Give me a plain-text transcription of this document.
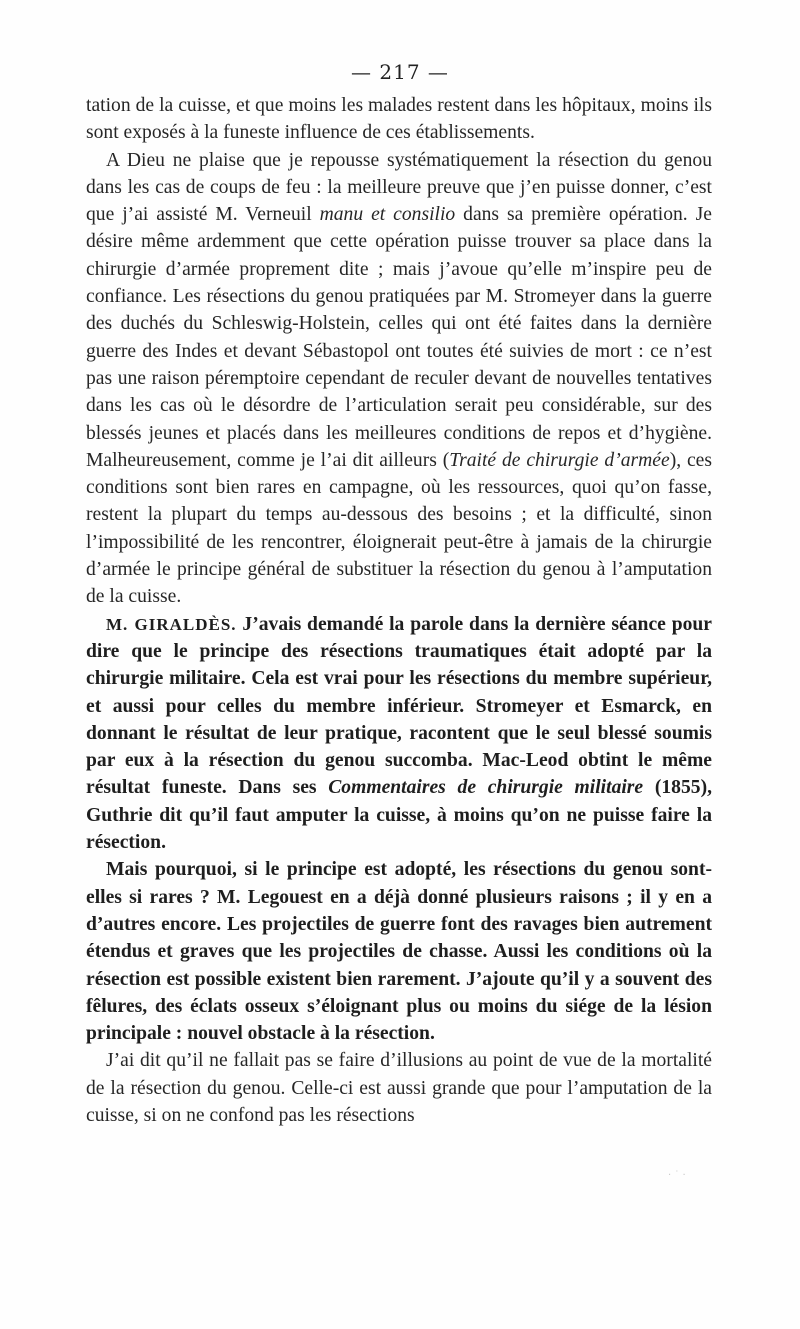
— 217 —

tation de la cuisse, et que moins les malades restent dans les hôpitaux, moins ils sont exposés à la funeste influence de ces établissements.

A Dieu ne plaise que je repousse systématiquement la résection du genou dans les cas de coups de feu : la meilleure preuve que j’en puisse donner, c’est que j’ai assisté M. Verneuil manu et consilio dans sa première opération. Je désire même ardemment que cette opération puisse trouver sa place dans la chirurgie d’armée proprement dite ; mais j’avoue qu’elle m’inspire peu de confiance. Les résections du genou pratiquées par M. Stromeyer dans la guerre des duchés du Schleswig-Holstein, celles qui ont été faites dans la dernière guerre des Indes et devant Sébastopol ont toutes été suivies de mort : ce n’est pas une raison péremptoire cependant de reculer devant de nouvelles tentatives dans les cas où le désordre de l’articulation serait peu considérable, sur des blessés jeunes et placés dans les meilleures conditions de repos et d’hygiène. Malheureusement, comme je l’ai dit ailleurs (Traité de chirurgie d’armée), ces conditions sont bien rares en campagne, où les ressources, quoi qu’on fasse, restent la plupart du temps au-dessous des besoins ; et la difficulté, sinon l’impossibilité de les rencontrer, éloignerait peut-être à jamais de la chirurgie d’armée le principe général de substituer la résection du genou à l’amputation de la cuisse.

M. GIRALDÈS. J’avais demandé la parole dans la dernière séance pour dire que le principe des résections traumatiques était adopté par la chirurgie militaire. Cela est vrai pour les résections du membre supérieur, et aussi pour celles du membre inférieur. Stromeyer et Esmarck, en donnant le résultat de leur pratique, racontent que le seul blessé soumis par eux à la résection du genou succomba. Mac-Leod obtint le même résultat funeste. Dans ses Commentaires de chirurgie militaire (1855), Guthrie dit qu’il faut amputer la cuisse, à moins qu’on ne puisse faire la résection.

Mais pourquoi, si le principe est adopté, les résections du genou sont-elles si rares ? M. Legouest en a déjà donné plusieurs raisons ; il y en a d’autres encore. Les projectiles de guerre font des ravages bien autrement étendus et graves que les projectiles de chasse. Aussi les conditions où la résection est possible existent bien rarement. J’ajoute qu’il y a souvent des fêlures, des éclats osseux s’éloignant plus ou moins du siége de la lésion principale : nouvel obstacle à la résection.

J’ai dit qu’il ne fallait pas se faire d’illusions au point de vue de la mortalité de la résection du genou. Celle-ci est aussi grande que pour l’amputation de la cuisse, si on ne confond pas les résections

· ˙ ·
